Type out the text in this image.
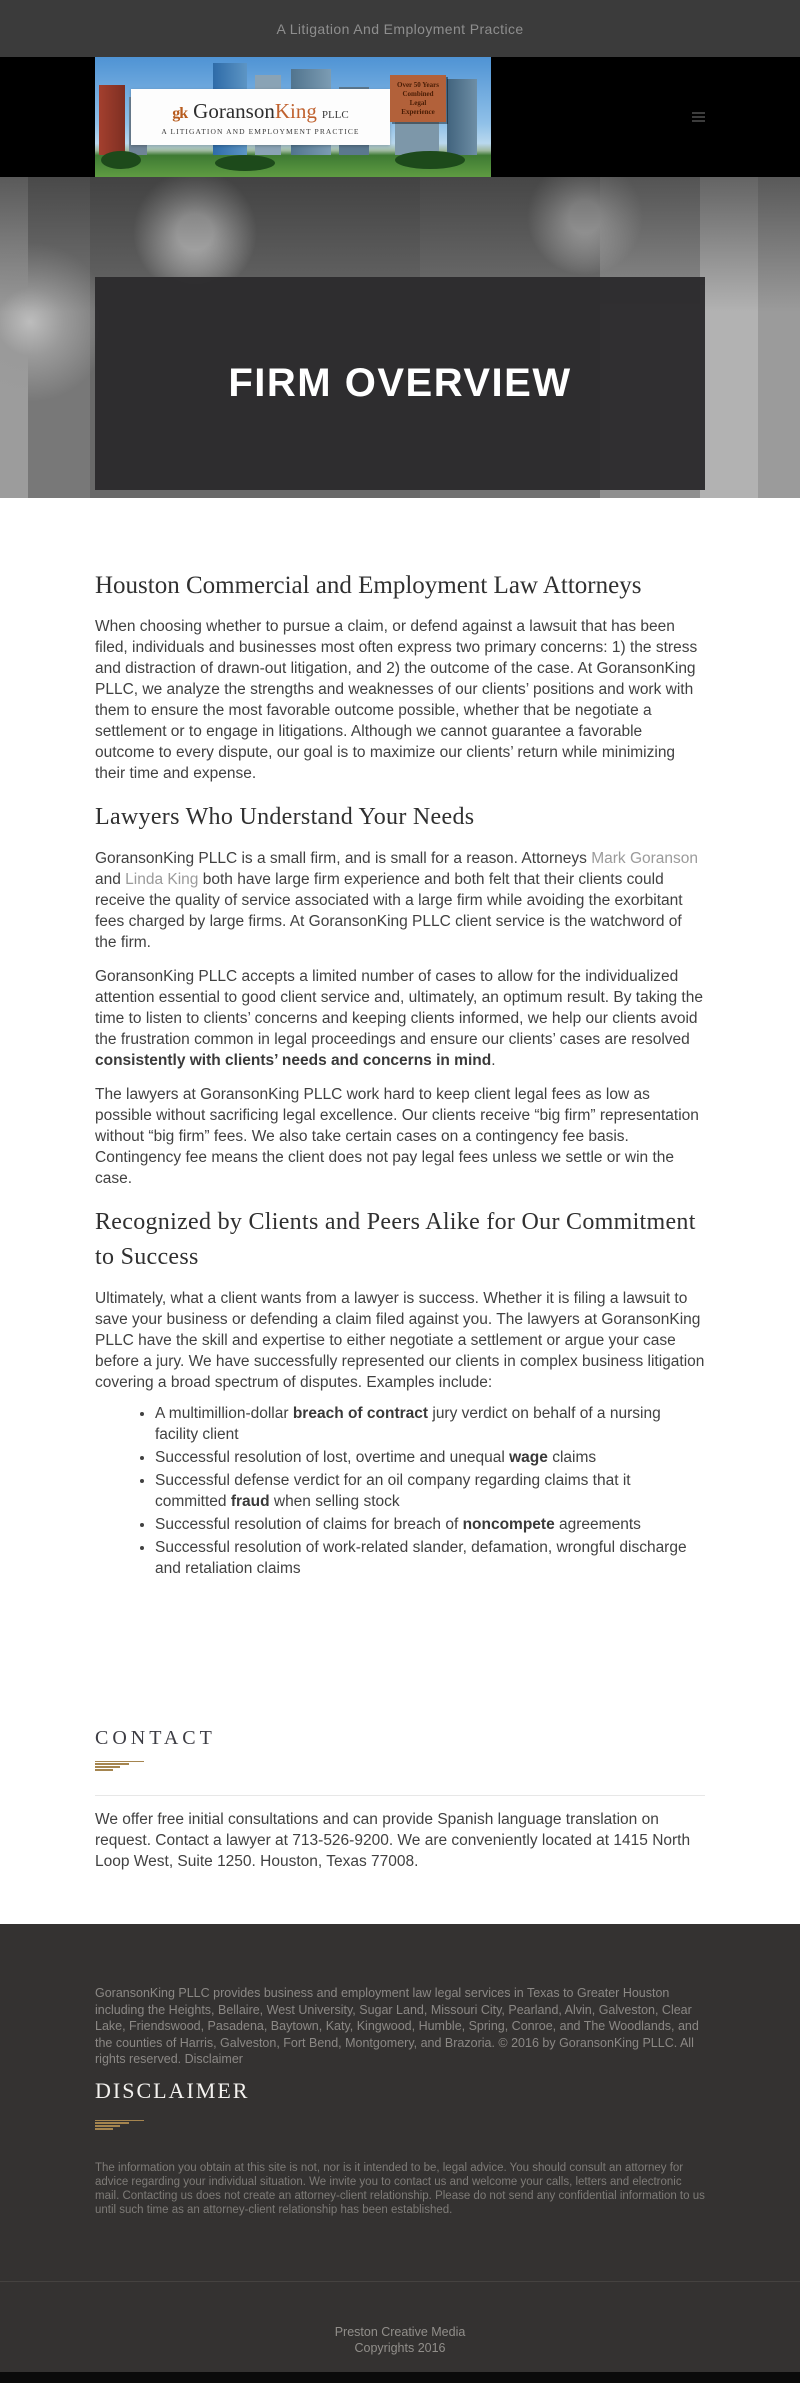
A Litigation And Employment Practice
gk Goranson King PLLC
A LITIGATION AND EMPLOYMENT PRACTICE
Over 50 Years
Combined
Legal
Experience
FIRM OVERVIEW
Houston Commercial and Employment Law Attorneys

When choosing whether to pursue a claim, or defend against a lawsuit that has been filed, individuals and businesses most often express two primary concerns: 1) the stress and distraction of drawn-out litigation, and 2) the outcome of the case. At GoransonKing PLLC, we analyze the strengths and weaknesses of our clients’ positions and work with them to ensure the most favorable outcome possible, whether that be negotiate a settlement or to engage in litigations. Although we cannot guarantee a favorable outcome to every dispute, our goal is to maximize our clients’ return while minimizing their time and expense.

Lawyers Who Understand Your Needs

GoransonKing PLLC is a small firm, and is small for a reason. Attorneys Mark Goranson and Linda King both have large firm experience and both felt that their clients could receive the quality of service associated with a large firm while avoiding the exorbitant fees charged by large firms. At GoransonKing PLLC client service is the watchword of the firm.

GoransonKing PLLC accepts a limited number of cases to allow for the individualized attention essential to good client service and, ultimately, an optimum result. By taking the time to listen to clients’ concerns and keeping clients informed, we help our clients avoid the frustration common in legal proceedings and ensure our clients’ cases are resolved consistently with clients’ needs and concerns in mind.

The lawyers at GoransonKing PLLC work hard to keep client legal fees as low as possible without sacrificing legal excellence. Our clients receive “big firm” representation without “big firm” fees. We also take certain cases on a contingency fee basis. Contingency fee means the client does not pay legal fees unless we settle or win the case.

Recognized by Clients and Peers Alike for Our Commitment to Success

Ultimately, what a client wants from a lawyer is success. Whether it is filing a lawsuit to save your business or defending a claim filed against you. The lawyers at GoransonKing PLLC have the skill and expertise to either negotiate a settlement or argue your case before a jury. We have successfully represented our clients in complex business litigation covering a broad spectrum of disputes. Examples include:

• A multimillion-dollar breach of contract jury verdict on behalf of a nursing facility client
• Successful resolution of lost, overtime and unequal wage claims
• Successful defense verdict for an oil company regarding claims that it committed fraud when selling stock
• Successful resolution of claims for breach of noncompete agreements
• Successful resolution of work-related slander, defamation, wrongful discharge and retaliation claims
CONTACT

We offer free initial consultations and can provide Spanish language translation on request. Contact a lawyer at 713-526-9200. We are conveniently located at 1415 North Loop West, Suite 1250. Houston, Texas 77008.

GoransonKing PLLC provides business and employment law legal services in Texas to Greater Houston including the Heights, Bellaire, West University, Sugar Land, Missouri City, Pearland, Alvin, Galveston, Clear Lake, Friendswood, Pasadena, Baytown, Katy, Kingwood, Humble, Spring, Conroe, and The Woodlands, and the counties of Harris, Galveston, Fort Bend, Montgomery, and Brazoria. © 2016 by GoransonKing PLLC. All rights reserved. Disclaimer

DISCLAIMER

The information you obtain at this site is not, nor is it intended to be, legal advice. You should consult an attorney for advice regarding your individual situation. We invite you to contact us and welcome your calls, letters and electronic mail. Contacting us does not create an attorney-client relationship. Please do not send any confidential information to us until such time as an attorney-client relationship has been established.

Preston Creative Media
Copyrights 2016
